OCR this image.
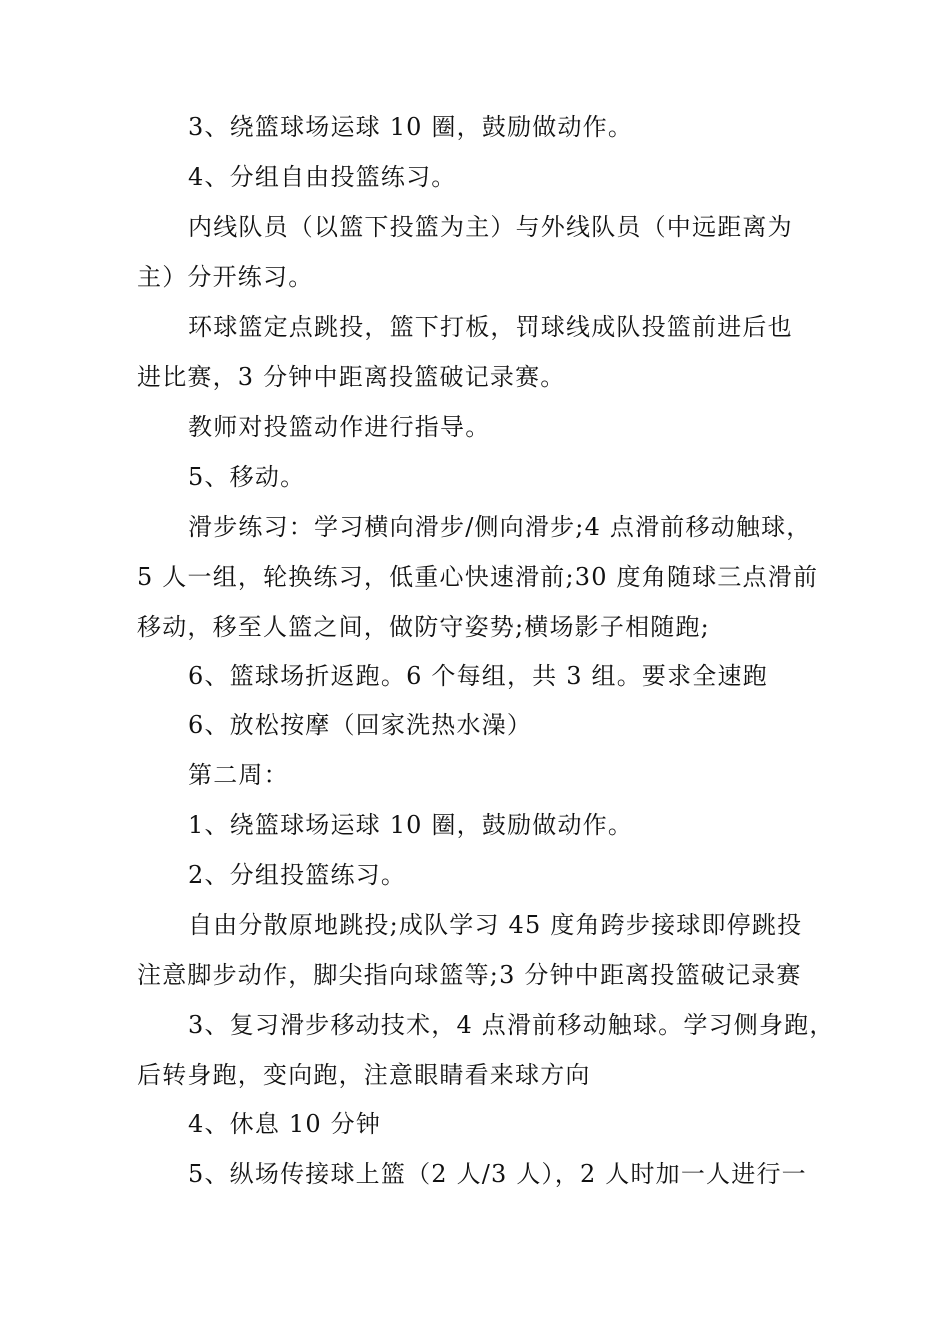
3、绕篮球场运球 10 圈，鼓励做动作。
4、分组自由投篮练习。
内线队员（以篮下投篮为主）与外线队员（中远距离为
主）分开练习。
环球篮定点跳投，篮下打板，罚球线成队投篮前进后也
进比赛，3 分钟中距离投篮破记录赛。
教师对投篮动作进行指导。
5、移动。
滑步练习：学习横向滑步/侧向滑步;4 点滑前移动触球，
5 人一组，轮换练习，低重心快速滑前;30 度角随球三点滑前
移动，移至人篮之间，做防守姿势;横场影子相随跑;
6、篮球场折返跑。6 个每组，共 3 组。要求全速跑
6、放松按摩（回家洗热水澡）
第二周：
1、绕篮球场运球 10 圈，鼓励做动作。
2、分组投篮练习。
自由分散原地跳投;成队学习 45 度角跨步接球即停跳投
注意脚步动作，脚尖指向球篮等;3 分钟中距离投篮破记录赛
3、复习滑步移动技术，4 点滑前移动触球。学习侧身跑，
后转身跑，变向跑，注意眼睛看来球方向
4、休息 10 分钟
5、纵场传接球上篮（2 人/3 人），2 人时加一人进行一
